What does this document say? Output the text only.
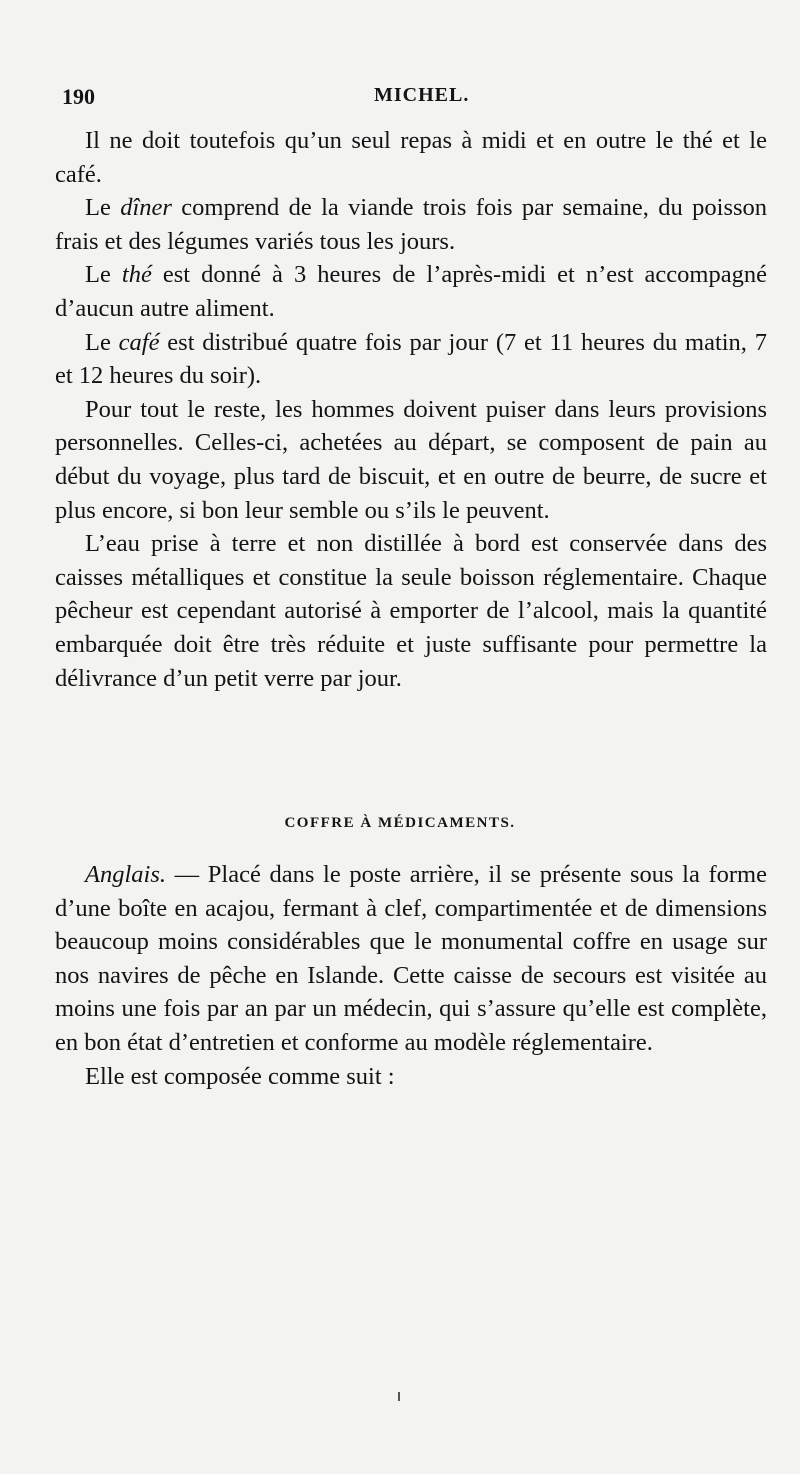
190	MICHEL.

Il ne doit toutefois qu’un seul repas à midi et en outre le thé et le café.

Le dîner comprend de la viande trois fois par semaine, du poisson frais et des légumes variés tous les jours.

Le thé est donné à 3 heures de l’après-midi et n’est accompagné d’aucun autre aliment.

Le café est distribué quatre fois par jour (7 et 11 heures du matin, 7 et 12 heures du soir).

Pour tout le reste, les hommes doivent puiser dans leurs provisions personnelles. Celles-ci, achetées au départ, se composent de pain au début du voyage, plus tard de biscuit, et en outre de beurre, de sucre et plus encore, si bon leur semble ou s’ils le peuvent.

L’eau prise à terre et non distillée à bord est conservée dans des caisses métalliques et constitue la seule boisson réglementaire. Chaque pêcheur est cependant autorisé à emporter de l’alcool, mais la quantité embarquée doit être très réduite et juste suffisante pour permettre la délivrance d’un petit verre par jour.

COFFRE À MÉDICAMENTS.

Anglais. — Placé dans le poste arrière, il se présente sous la forme d’une boîte en acajou, fermant à clef, compartimentée et de dimensions beaucoup moins considérables que le monumental coffre en usage sur nos navires de pêche en Islande. Cette caisse de secours est visitée au moins une fois par an par un médecin, qui s’assure qu’elle est complète, en bon état d’entretien et conforme au modèle réglementaire.

Elle est composée comme suit :
